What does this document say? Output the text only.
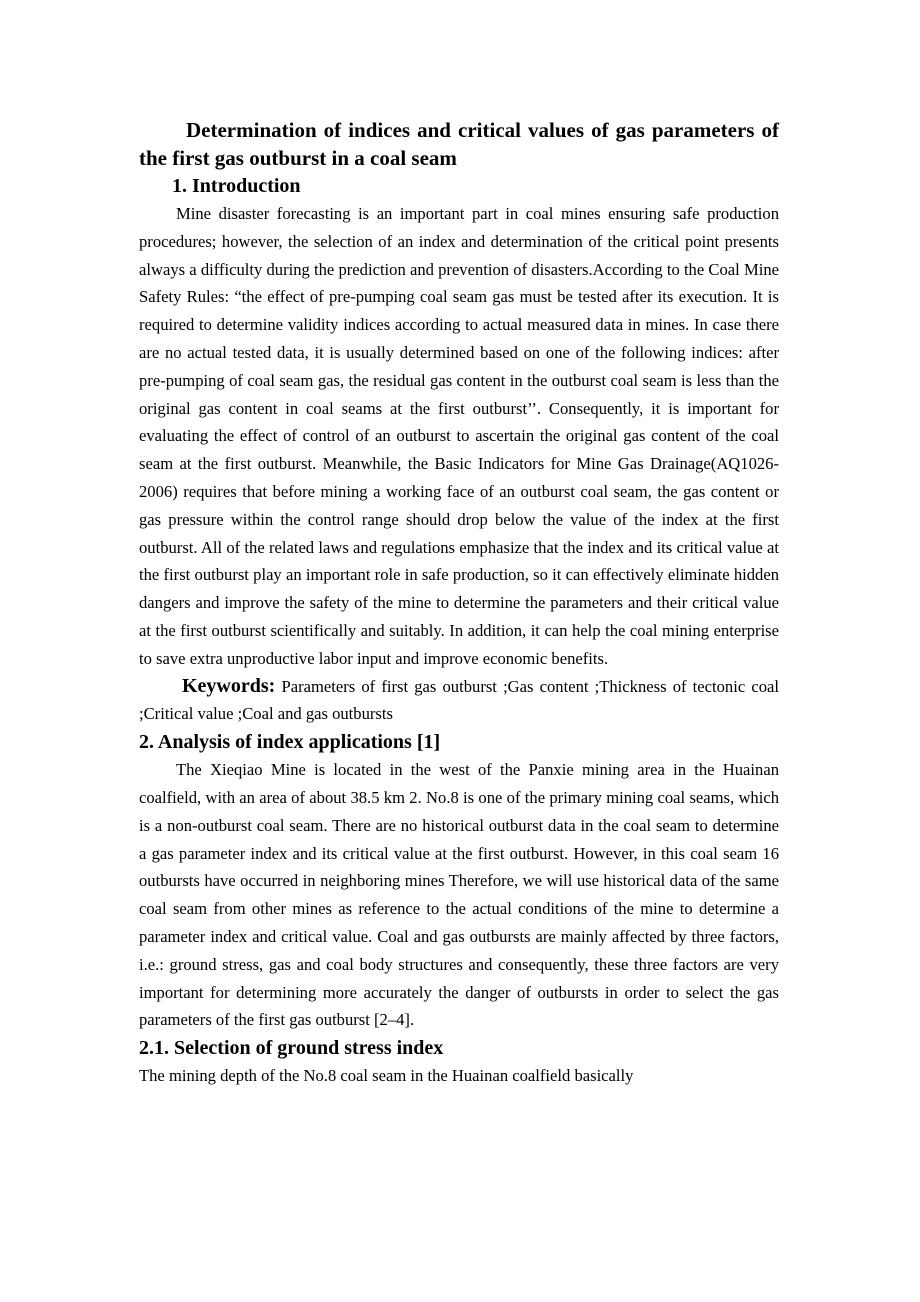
Determination of indices and critical values of gas parameters of the first gas outburst in a coal seam

1. Introduction

Mine disaster forecasting is an important part in coal mines ensuring safe production procedures; however, the selection of an index and determination of the critical point presents always a difficulty during the prediction and prevention of disasters.According to the Coal Mine Safety Rules: “the effect of pre-pumping coal seam gas must be tested after its execution. It is required to determine validity indices according to actual measured data in mines. In case there are no actual tested data, it is usually determined based on one of the following indices: after pre-pumping of coal seam gas, the residual gas content in the outburst coal seam is less than the original gas content in coal seams at the first outburst’’. Consequently, it is important for evaluating the effect of control of an outburst to ascertain the original gas content of the coal seam at the first outburst. Meanwhile, the Basic Indicators for Mine Gas Drainage(AQ1026-2006) requires that before mining a working face of an outburst coal seam, the gas content or gas pressure within the control range should drop below the value of the index at the first outburst. All of the related laws and regulations emphasize that the index and its critical value at the first outburst play an important role in safe production, so it can effectively eliminate hidden dangers and improve the safety of the mine to determine the parameters and their critical value at the first outburst scientifically and suitably. In addition, it can help the coal mining enterprise to save extra unproductive labor input and improve economic benefits.

Keywords: Parameters of first gas outburst ;Gas content ;Thickness of tectonic coal ;Critical value ;Coal and gas outbursts

2. Analysis of index applications [1]

The Xieqiao Mine is located in the west of the Panxie mining area in the Huainan coalfield, with an area of about 38.5 km 2. No.8 is one of the primary mining coal seams, which is a non-outburst coal seam. There are no historical outburst data in the coal seam to determine a gas parameter index and its critical value at the first outburst. However, in this coal seam 16 outbursts have occurred in neighboring mines Therefore, we will use historical data of the same coal seam from other mines as reference to the actual conditions of the mine to determine a parameter index and critical value. Coal and gas outbursts are mainly affected by three factors, i.e.: ground stress, gas and coal body structures and consequently, these three factors are very important for determining more accurately the danger of outbursts in order to select the gas parameters of the first gas outburst [2–4].

2.1. Selection of ground stress index

The mining depth of the No.8 coal seam in the Huainan coalfield basically
